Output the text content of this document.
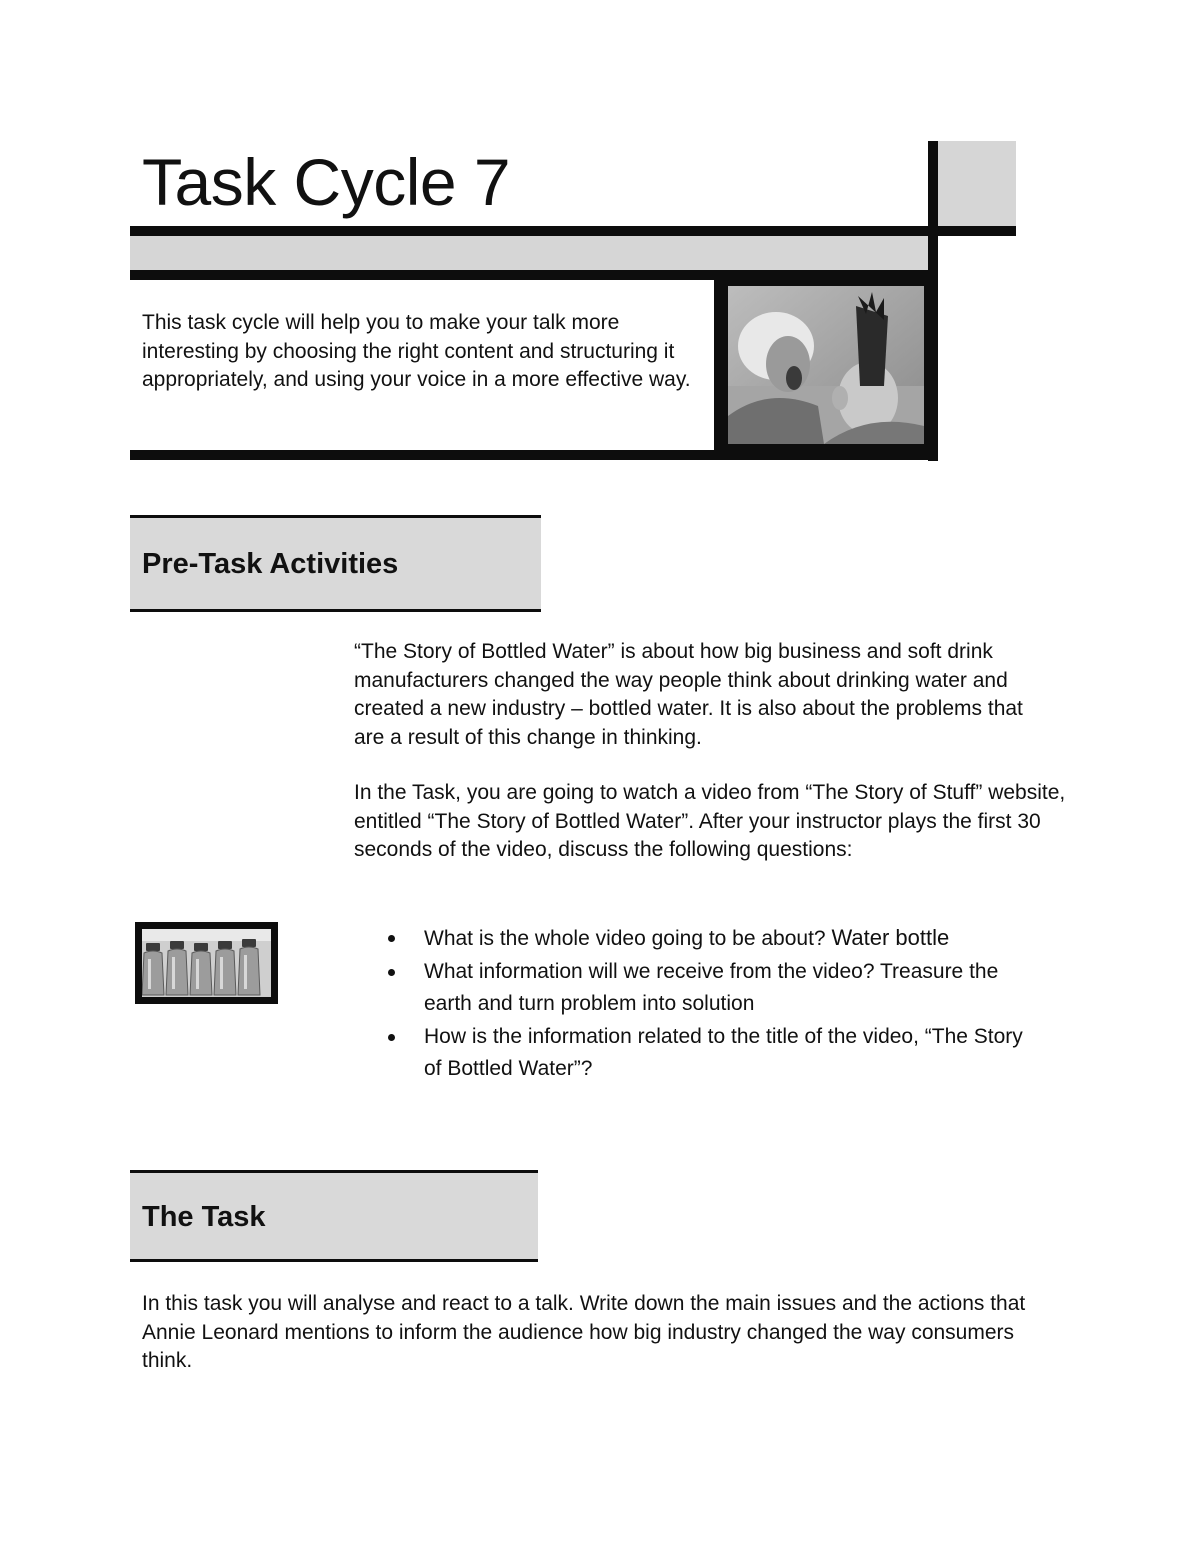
Task Cycle 7
This task cycle will help you to make your talk more interesting by choosing the right content and structuring it appropriately, and using your voice in a more effective way.
Pre-Task Activities

“The Story of Bottled Water” is about how big business and soft drink manufacturers changed the way people think about drinking water and created a new industry – bottled water. It is also about the problems that are a result of this change in thinking.

In the Task, you are going to watch a video from “The Story of Stuff” website, entitled “The Story of Bottled Water”. After your instructor plays the first 30 seconds of the video, discuss the following questions:

What is the whole video going to be about? Water bottle
What information will we receive from the video? Treasure the earth and turn problem into solution
How is the information related to the title of the video, “The Story of Bottled Water”?
The Task

In this task you will analyse and react to a talk. Write down the main issues and the actions that Annie Leonard mentions to inform the audience how big industry changed the way consumers think.
